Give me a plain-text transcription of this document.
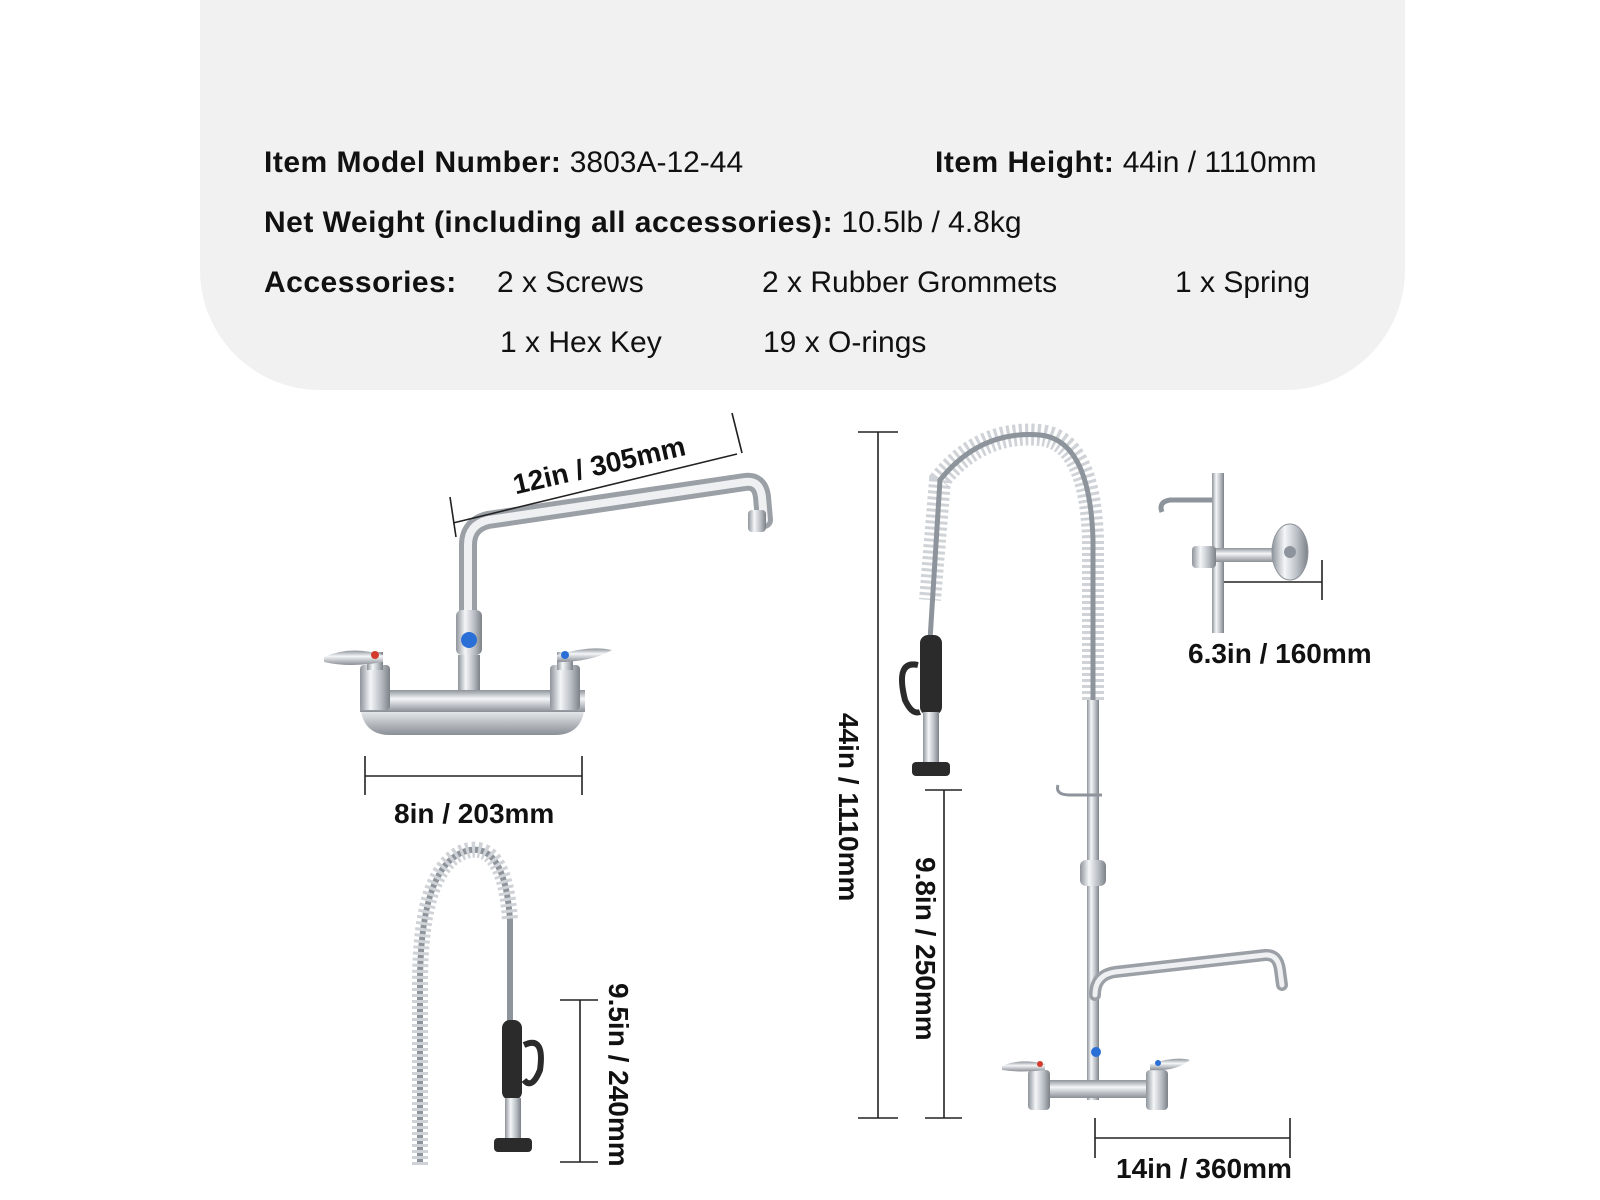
Item Model Number: 3803A-12-44	Item Height: 44in / 1110mm
Net Weight (including all accessories): 10.5lb / 4.8kg
Accessories: 2 x Screws	2 x Rubber Grommets	1 x Spring
1 x Hex Key	19 x O-rings
12in / 305mm
8in / 203mm
9.5in / 240mm
44in / 1110mm
9.8in / 250mm
6.3in / 160mm
14in / 360mm
